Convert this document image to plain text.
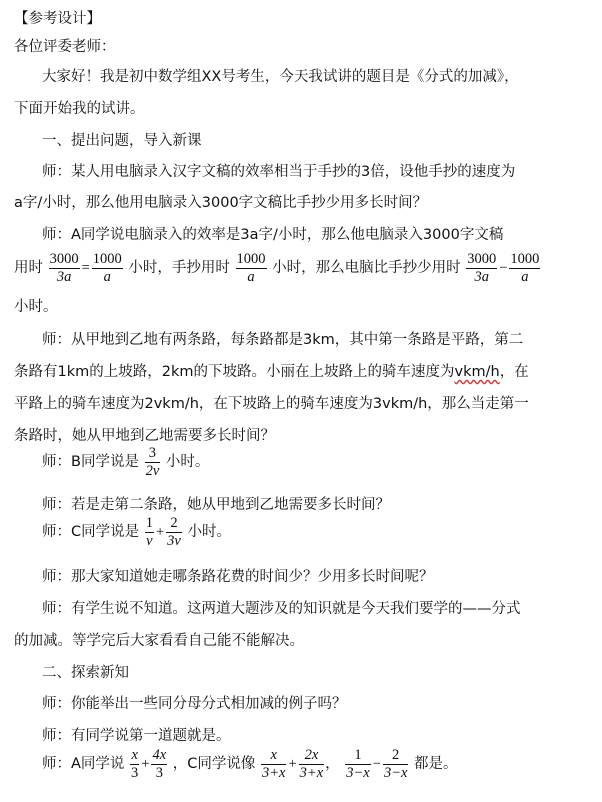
【参考设计】
各位评委老师：
大家好！我是初中数学组XX号考生，今天我试讲的题目是《分式的加减》，
下面开始我的试讲。
一、提出问题，导入新课
师：某人用电脑录入汉字文稿的效率相当于手抄的3倍，设他手抄的速度为
a字/小时，那么他用电脑录入3000字文稿比手抄少用多长时间？
师：A同学说电脑录入的效率是3a字/小时，那么他电脑录入3000字文稿
用时 $\frac{3000}{3a} = \frac{1000}{a}$ 小时，手抄用时 $\frac{1000}{a}$ 小时，那么电脑比手抄少用时 $\frac{3000}{3a} - \frac{1000}{a}$
小时。
师：从甲地到乙地有两条路，每条路都是3km，其中第一条路是平路，第二
条路有1km的上坡路，2km的下坡路。小丽在上坡路上的骑车速度为vkm/h，在
平路上的骑车速度为2vkm/h，在下坡路上的骑车速度为3vkm/h，那么当走第一
条路时，她从甲地到乙地需要多长时间？
师：B同学说是 $\frac{3}{2v}$ 小时。
师：若是走第二条路，她从甲地到乙地需要多长时间？
师：C同学说是 $\frac{1}{v} + \frac{2}{3v}$ 小时。
师：那大家知道她走哪条路花费的时间少？少用多长时间呢？
师：有学生说不知道。这两道大题涉及的知识就是今天我们要学的——分式
的加减。等学完后大家看看自己能不能解决。
二、探索新知
师：你能举出一些同分母分式相加减的例子吗？
师：有同学说第一道题就是。
师：A同学说 $\frac{x}{3} + \frac{4x}{3}$ ，C同学说像 $\frac{x}{3+x} + \frac{2x}{3+x}$ ， $\frac{1}{3-x} - \frac{2}{3-x}$ 都是。
